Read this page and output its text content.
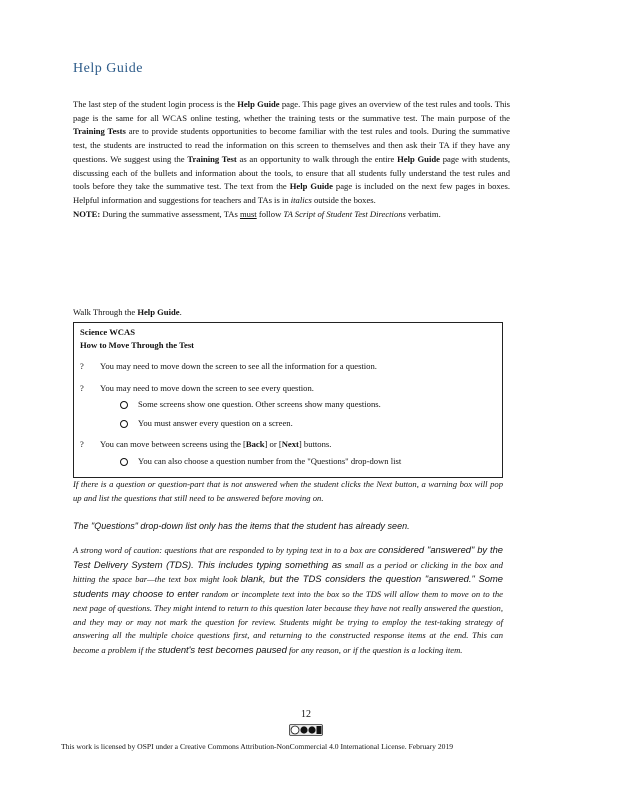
Help Guide
The last step of the student login process is the Help Guide page. This page gives an overview of the test rules and tools. This page is the same for all WCAS online testing, whether the training tests or the summative test. The main purpose of the Training Tests are to provide students opportunities to become familiar with the test rules and tools. During the summative test, the students are instructed to read the information on this screen to themselves and then ask their TA if they have any questions. We suggest using the Training Test as an opportunity to walk through the entire Help Guide page with students, discussing each of the bullets and information about the tools, to ensure that all students fully understand the test rules and tools before they take the summative test. The text from the Help Guide page is included on the next few pages in boxes. Helpful information and suggestions for teachers and TAs is in italics outside the boxes.
NOTE: During the summative assessment, TAs must follow TA Script of Student Test Directions verbatim.
Walk Through the Help Guide.
Science WCAS
How to Move Through the Test
? You may need to move down the screen to see all the information for a question.
? You may need to move down the screen to see every question.
Some screens show one question. Other screens show many questions.
You must answer every question on a screen.
? You can move between screens using the [Back] or [Next] buttons.
You can also choose a question number from the "Questions" drop-down list
If there is a question or question-part that is not answered when the student clicks the Next button, a warning box will pop up and list the questions that still need to be answered before moving on.
The "Questions" drop-down list only has the items that the student has already seen.
A strong word of caution: questions that are responded to by typing text in to a box are considered "answered" by the Test Delivery System (TDS). This includes typing something as small as a period or clicking in the box and hitting the space bar—the text box might look blank, but the TDS considers the question "answered." Some students may choose to enter random or incomplete text into the box so the TDS will allow them to move on to the next page of questions. They might intend to return to this question later because they have not really answered the question, and they may or may not mark the question for review. Students might be trying to employ the test-taking strategy of answering all the multiple choice questions first, and returning to the constructed response items at the end. This can become a problem if the student's test becomes paused for any reason, or if the question is a locking item.
12
This work is licensed by OSPI under a Creative Commons Attribution-NonCommercial 4.0 International License. February 2019
